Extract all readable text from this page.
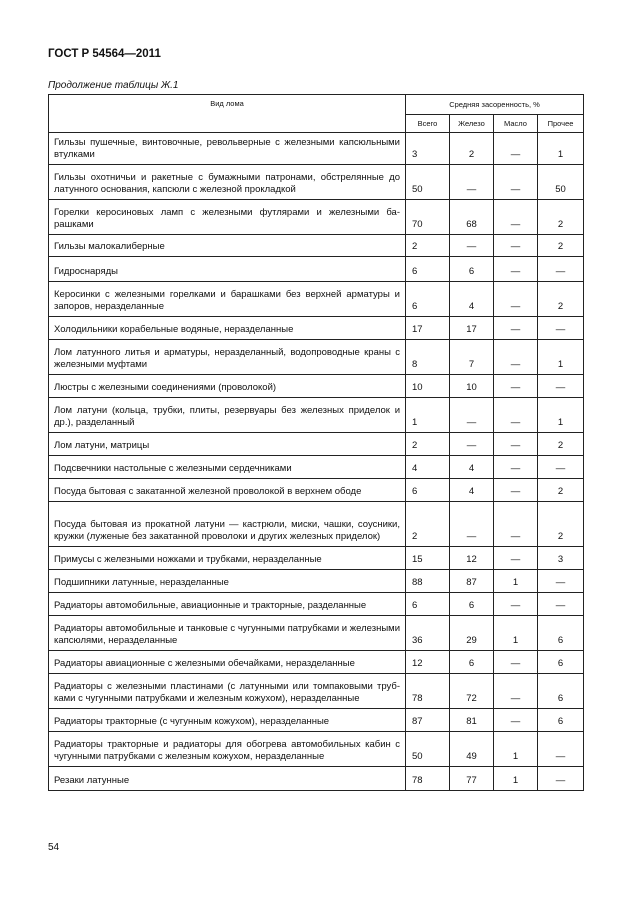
ГОСТ Р 54564—2011
Продолжение таблицы Ж.1
Вид лома	Средняя засоренность, %			
	Всего	Железо	Масло	Прочее
Гильзы пушечные, винтовочные, револьверные с железными капсюльными втулками	3	2	—	1
Гильзы охотничьи и ракетные с бумажными патронами, обстрелянные до латунного основания, капсюли с железной прокладкой	50	—	—	50
Горелки керосиновых ламп с железными футлярами и железными барашками	70	68	—	2
Гильзы малокалиберные	2	—	—	2
Гидроснаряды	6	6	—	—
Керосинки с железными горелками и барашками без верхней арматуры и запоров, неразделанные	6	4	—	2
Холодильники корабельные водяные, неразделанные	17	17	—	—
Лом латунного литья и арматуры, неразделанный, водопроводные краны с железными муфтами	8	7	—	1
Люстры с железными соединениями (проволокой)	10	10	—	—
Лом латуни (кольца, трубки, плиты, резервуары без железных приделок и др.), разделанный	1	—	—	1
Лом латуни, матрицы	2	—	—	2
Подсвечники настольные с железными сердечниками	4	4	—	—
Посуда бытовая с закатанной железной проволокой в верхнем ободе	6	4	—	2
Посуда бытовая из прокатной латуни — кастрюли, миски, чашки, соусники, кружки (луженые без закатанной проволоки и других железных приделок)	2	—	—	2
Примусы с железными ножками и трубками, неразделанные	15	12	—	3
Подшипники латунные, неразделанные	88	87	1	—
Радиаторы автомобильные, авиационные и тракторные, разделанные	6	6	—	—
Радиаторы автомобильные и танковые с чугунными патрубками и железными капсюлями, неразделанные	36	29	1	6
Радиаторы авиационные с железными обечайками, неразделанные	12	6	—	6
Радиаторы с железными пластинами (с латунными или томпаковыми трубками с чугунными патрубками и железным кожухом), неразделанные	78	72	—	6
Радиаторы тракторные (с чугунным кожухом), неразделанные	87	81	—	6
Радиаторы тракторные и радиаторы для обогрева автомобильных кабин с чугунными патрубками с железным кожухом, неразделанные	50	49	1	—
Резаки латунные	78	77	1	—
54
